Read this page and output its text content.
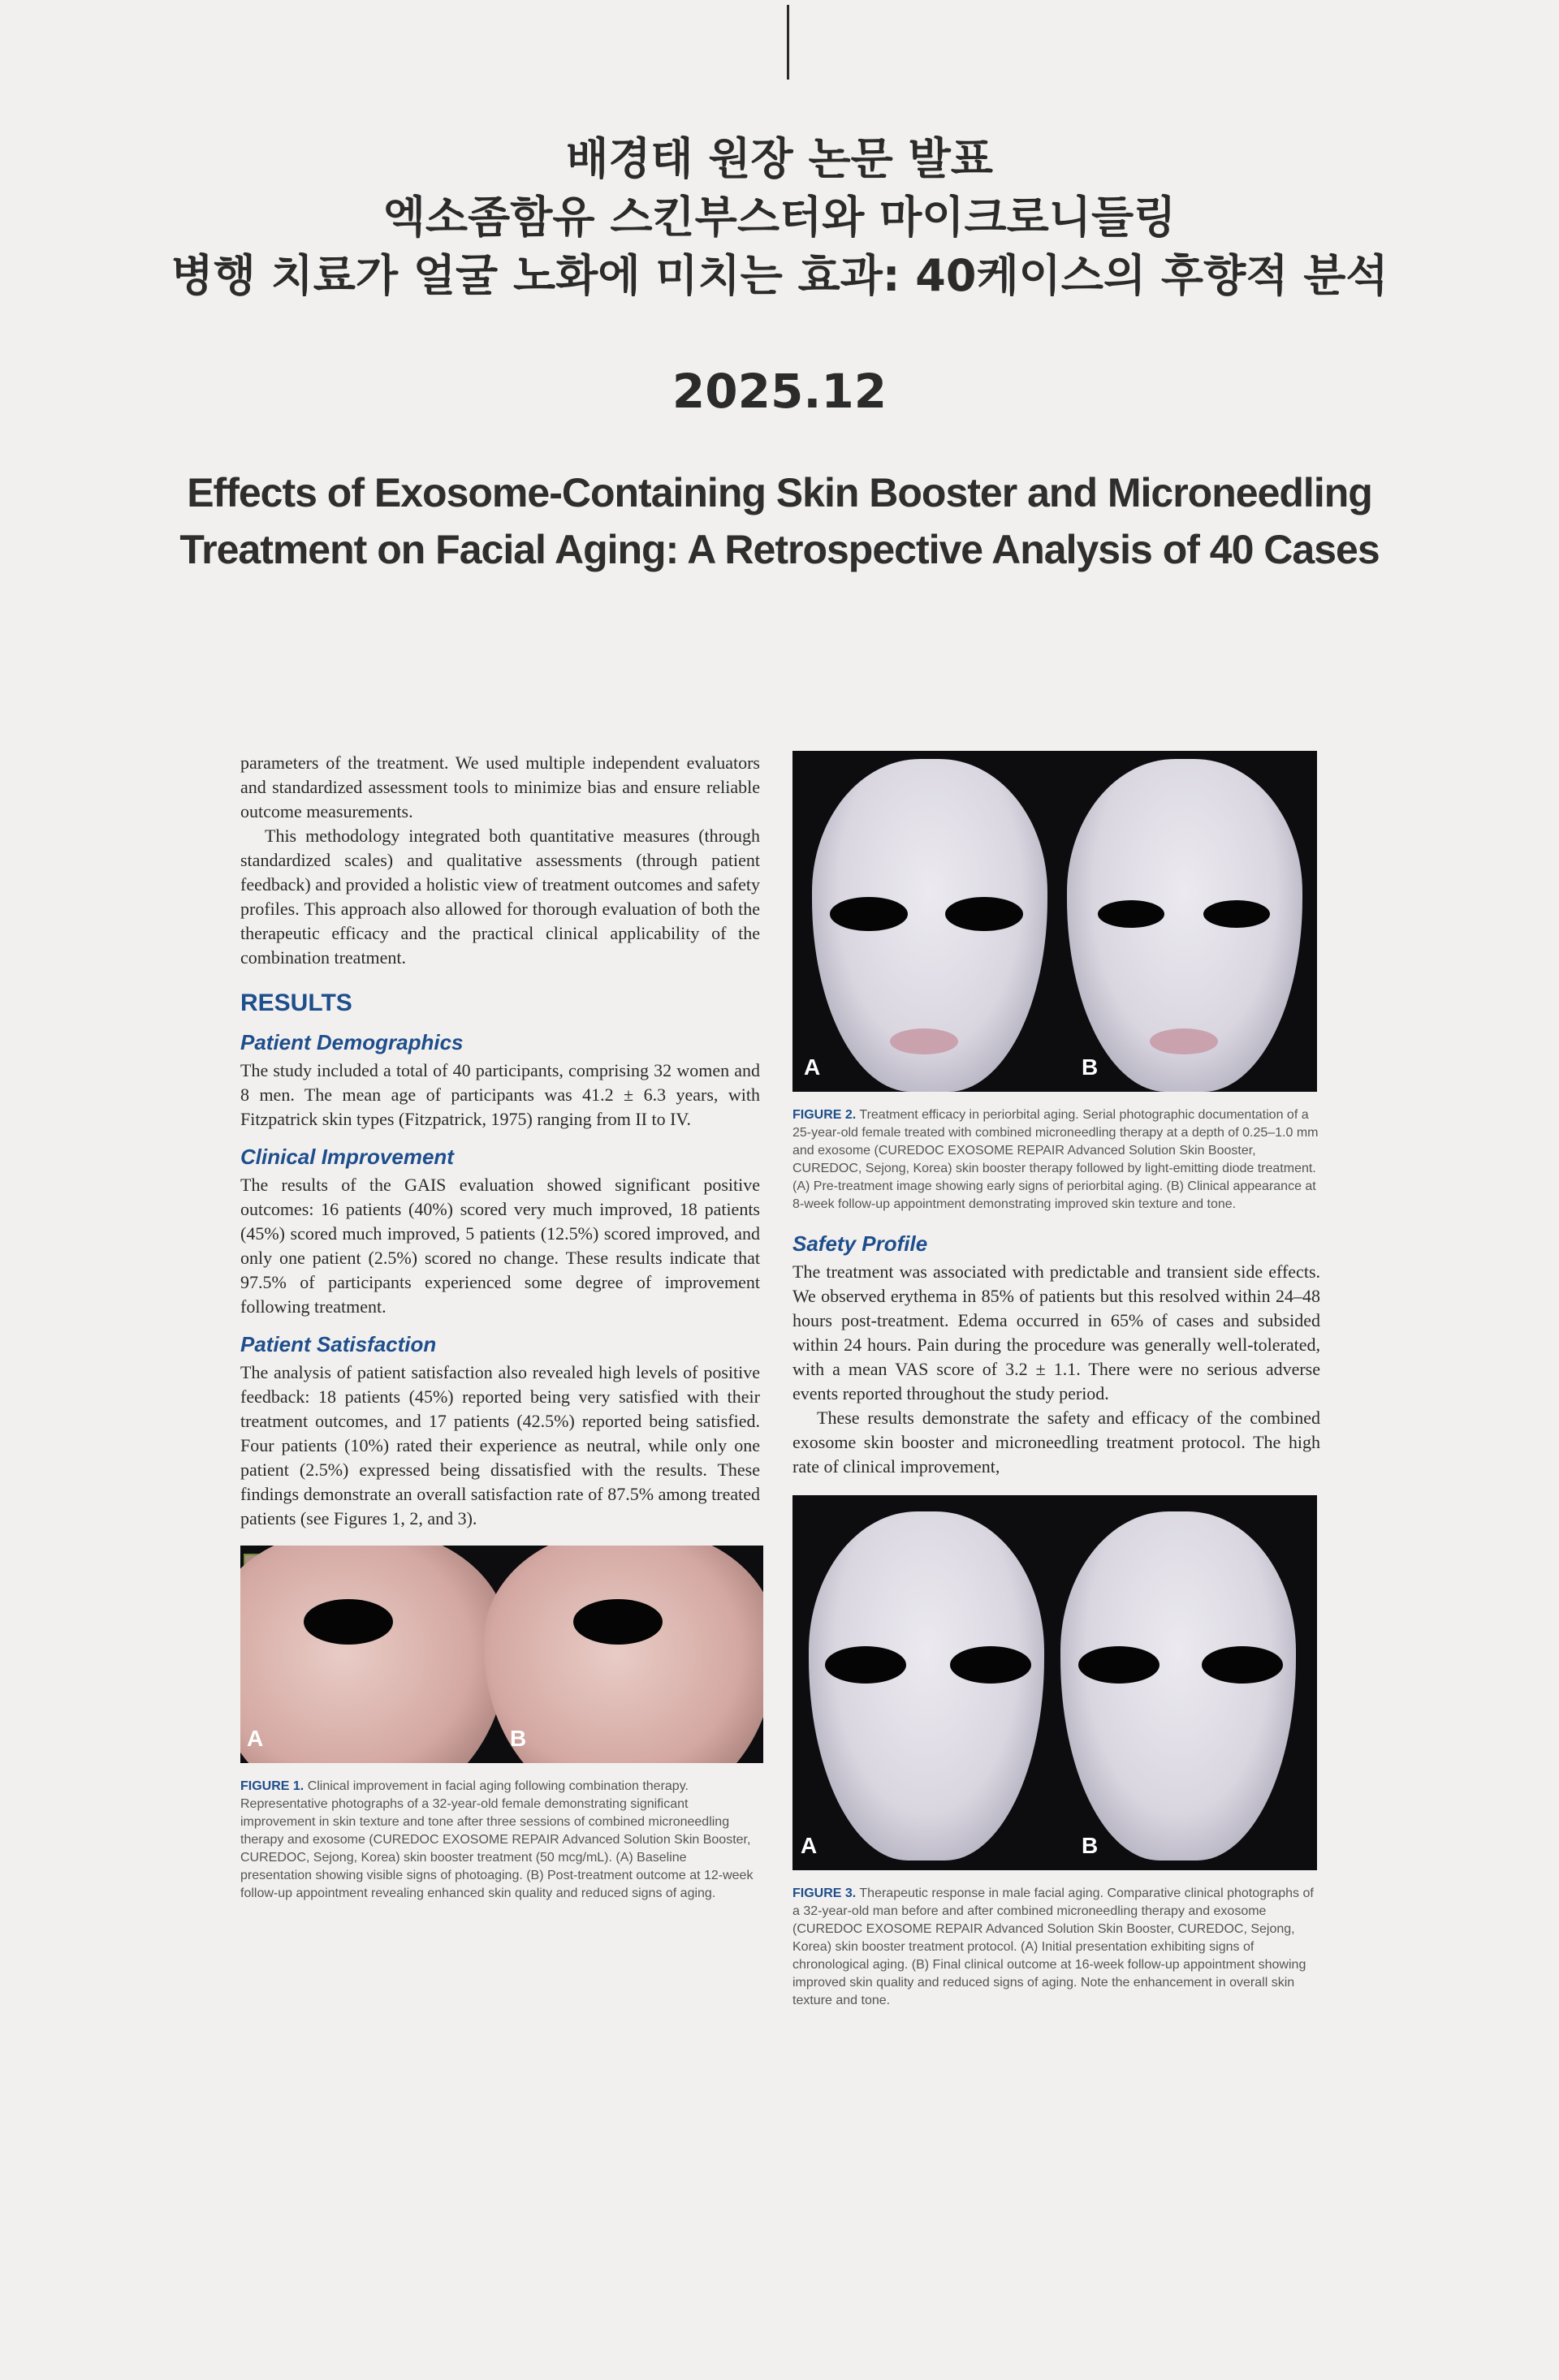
배경태 원장 논문 발표
엑소좀함유 스킨부스터와 마이크로니들링
병행 치료가 얼굴 노화에 미치는 효과: 40케이스의 후향적 분석
2025.12
Effects of Exosome-Containing Skin Booster and Microneedling
Treatment on Facial Aging: A Retrospective Analysis of 40 Cases

parameters of the treatment. We used multiple independent evaluators and standardized assessment tools to minimize bias and ensure reliable outcome measurements.

This methodology integrated both quantitative measures (through standardized scales) and qualitative assessments (through patient feedback) and provided a holistic view of treatment outcomes and safety profiles. This approach also allowed for thorough evaluation of both the therapeutic efficacy and the practical clinical applicability of the combination treatment.

RESULTS
Patient Demographics

The study included a total of 40 participants, comprising 32 women and 8 men. The mean age of participants was 41.2 ± 6.3 years, with Fitzpatrick skin types (Fitzpatrick, 1975) ranging from II to IV.

Clinical Improvement

The results of the GAIS evaluation showed significant positive outcomes: 16 patients (40%) scored very much improved, 18 patients (45%) scored much improved, 5 patients (12.5%) scored improved, and only one patient (2.5%) scored no change. These results indicate that 97.5% of participants experienced some degree of improvement following treatment.

Patient Satisfaction

The analysis of patient satisfaction also revealed high levels of positive feedback: 18 patients (45%) reported being very satisfied with their treatment outcomes, and 17 patients (42.5%) reported being satisfied. Four patients (10%) rated their experience as neutral, while only one patient (2.5%) expressed being dissatisfied with the results. These findings demonstrate an overall satisfaction rate of 87.5% among treated patients (see Figures 1, 2, and 3).

A	B

FIGURE 1. Clinical improvement in facial aging following combination therapy. Representative photographs of a 32-year-old female demonstrating significant improvement in skin texture and tone after three sessions of combined microneedling therapy and exosome (CUREDOC EXOSOME REPAIR Advanced Solution Skin Booster, CUREDOC, Sejong, Korea) skin booster treatment (50 mcg/mL). (A) Baseline presentation showing visible signs of photoaging. (B) Post-treatment outcome at 12-week follow-up appointment revealing enhanced skin quality and reduced signs of aging.

A	B

FIGURE 2. Treatment efficacy in periorbital aging. Serial photographic documentation of a 25-year-old female treated with combined microneedling therapy at a depth of 0.25–1.0 mm and exosome (CUREDOC EXOSOME REPAIR Advanced Solution Skin Booster, CUREDOC, Sejong, Korea) skin booster therapy followed by light-emitting diode treatment. (A) Pre-treatment image showing early signs of periorbital aging. (B) Clinical appearance at 8-week follow-up appointment demonstrating improved skin texture and tone.

Safety Profile

The treatment was associated with predictable and transient side effects. We observed erythema in 85% of patients but this resolved within 24–48 hours post-treatment. Edema occurred in 65% of cases and subsided within 24 hours. Pain during the procedure was generally well-tolerated, with a mean VAS score of 3.2 ± 1.1. There were no serious adverse events reported throughout the study period.

These results demonstrate the safety and efficacy of the combined exosome skin booster and microneedling treatment protocol. The high rate of clinical improvement,

A	B

FIGURE 3. Therapeutic response in male facial aging. Comparative clinical photographs of a 32-year-old man before and after combined microneedling therapy and exosome (CUREDOC EXOSOME REPAIR Advanced Solution Skin Booster, CUREDOC, Sejong, Korea) skin booster treatment protocol. (A) Initial presentation exhibiting signs of chronological aging. (B) Final clinical outcome at 16-week follow-up appointment showing improved skin quality and reduced signs of aging. Note the enhancement in overall skin texture and tone.
